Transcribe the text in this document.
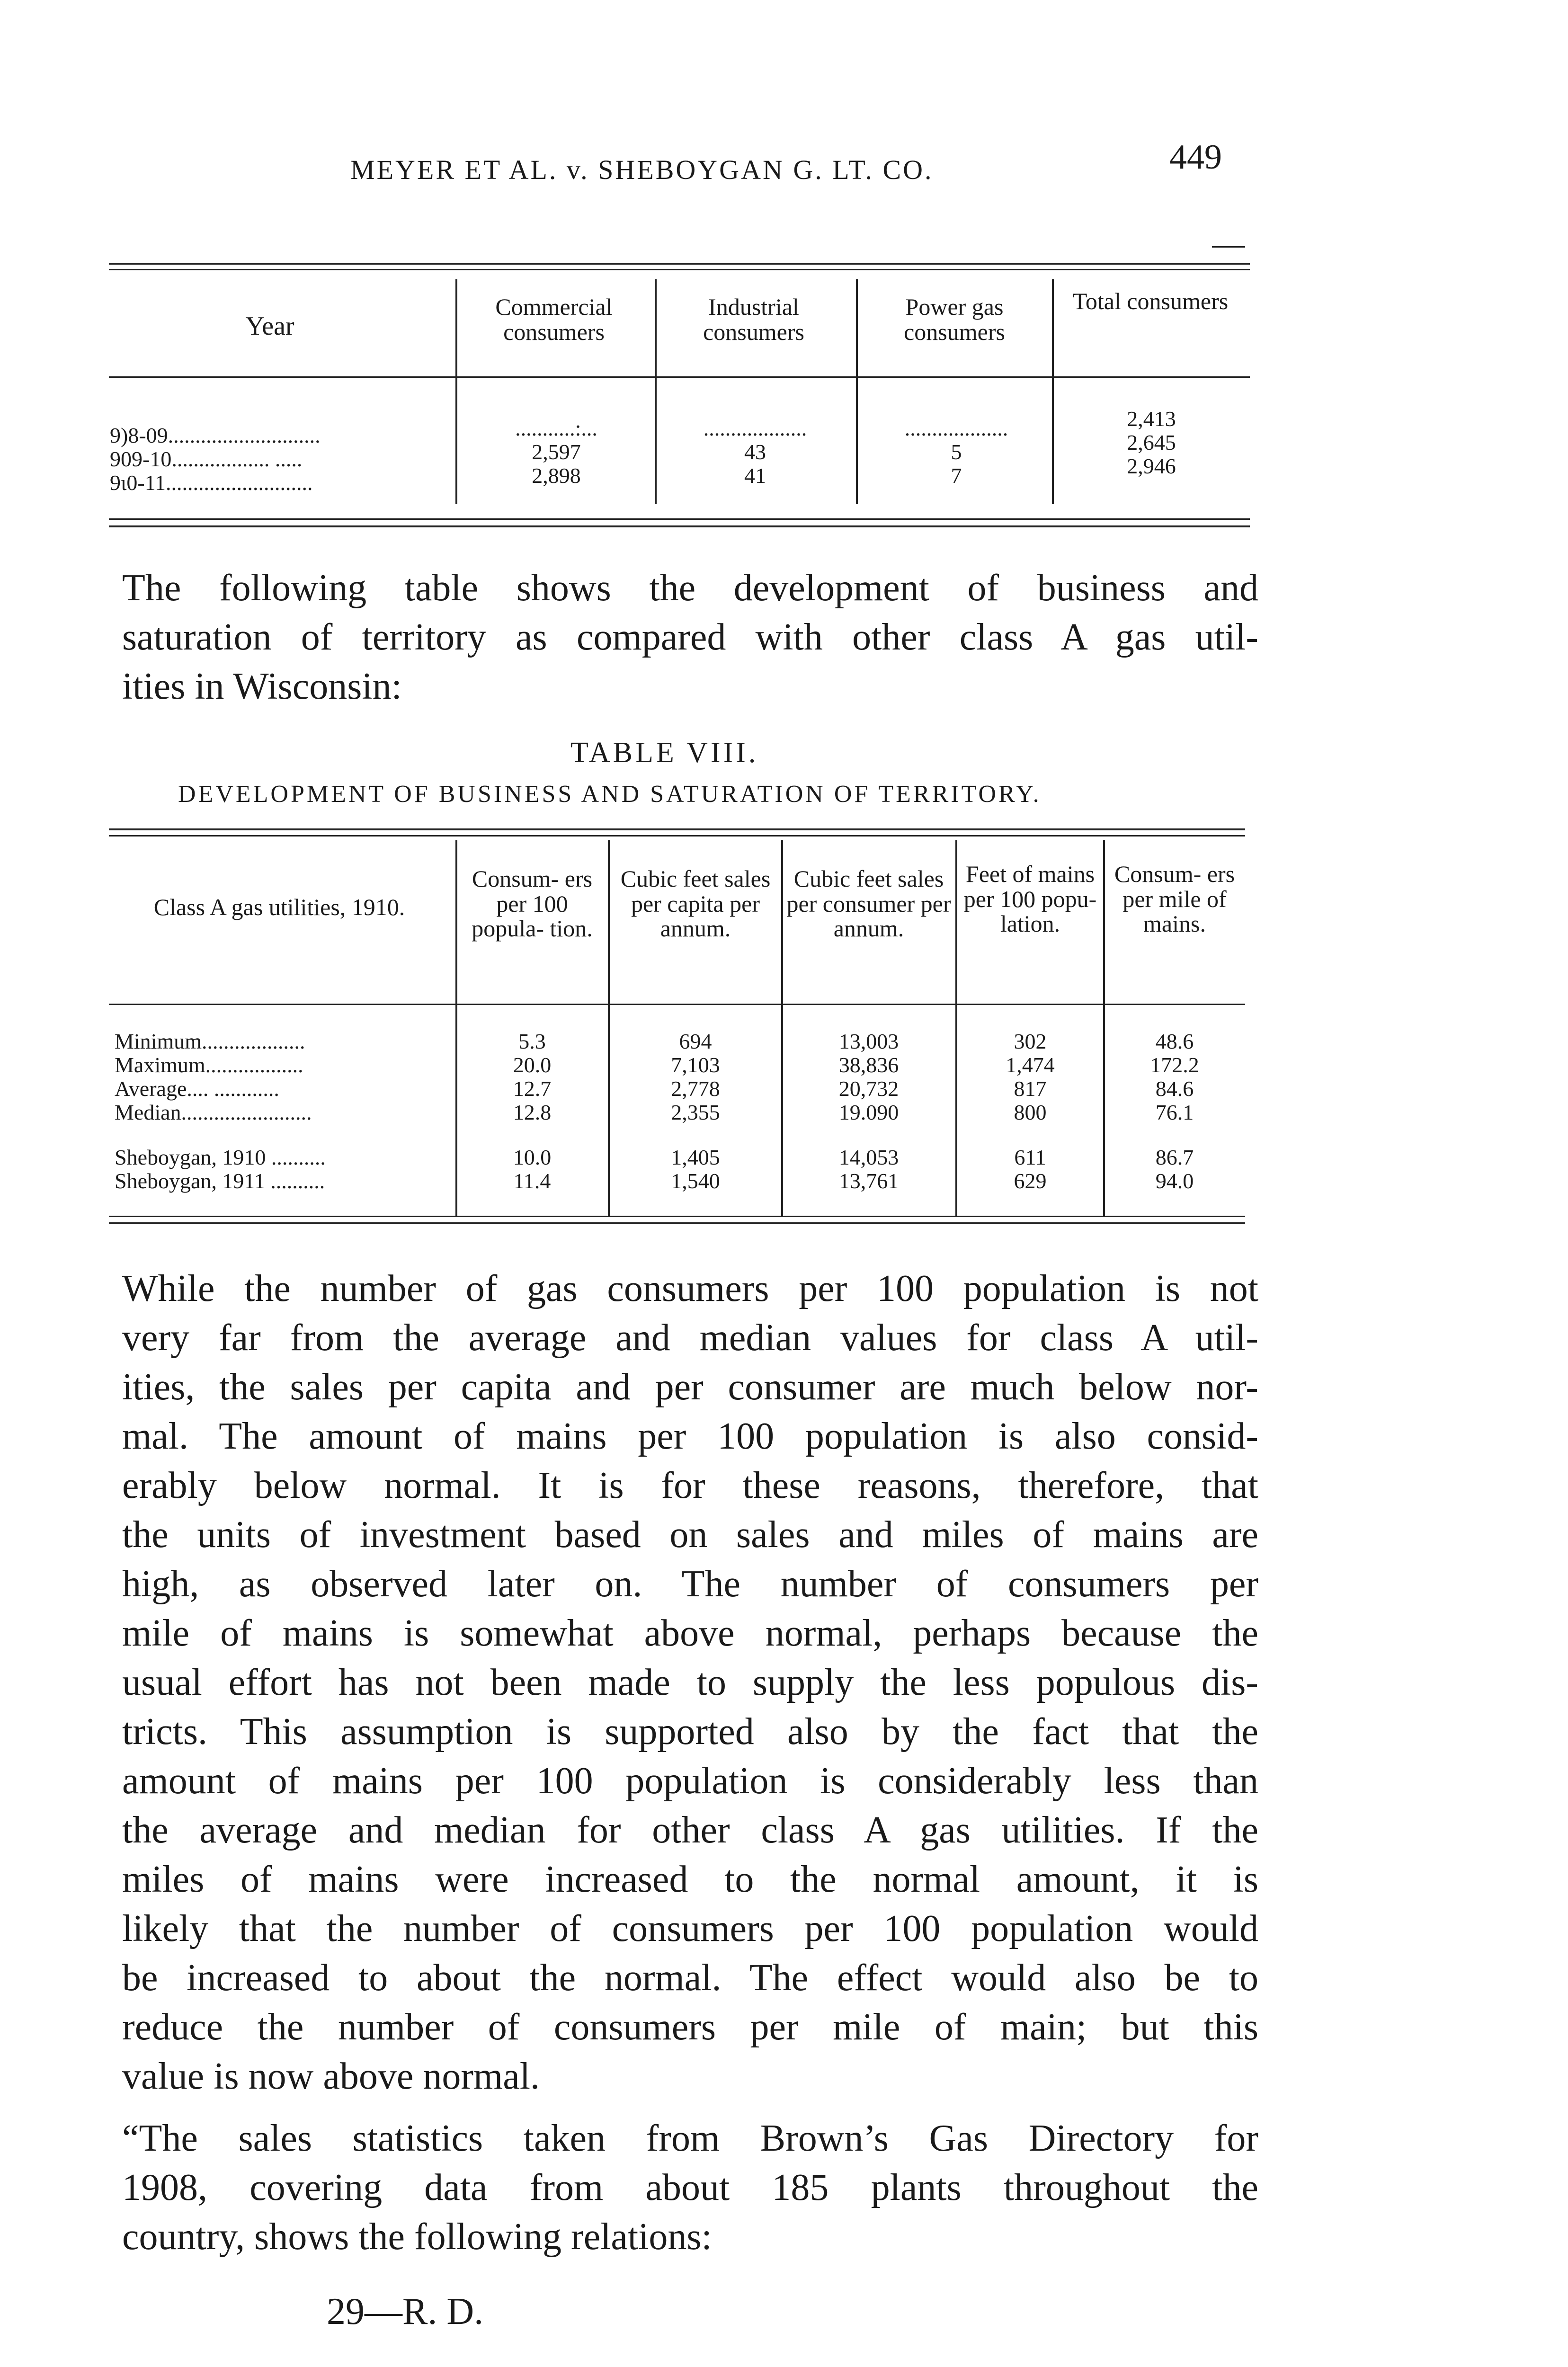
MEYER ET AL. v. SHEBOYGAN G. LT. CO.	449
Year
Commercial consumers
Industrial consumers
Power gas consumers
Total consumers
9)8-09............................
909-10.................. .....
9ι0-11...........................
...........:...
2,597
2,898
...................
43
41
...................
5
7
2,413
2,645
2,946
The following table shows the development of business and
saturation of territory as compared with other class A gas util-
ities in Wisconsin:
TABLE VIII.
DEVELOPMENT OF BUSINESS AND SATURATION OF TERRITORY.
Class A gas utilities, 1910.
Consum- ers per 100 popula- tion.
Cubic feet sales per capita per annum.
Cubic feet sales per consumer per annum.
Feet of mains per 100 popu- lation.
Consum- ers per mile of mains.
Minimum...................
Maximum..................
Average.... ............
Median........................
Sheboygan, 1910 ..........
Sheboygan, 1911 ..........
5.3
20.0
12.7
12.8
10.0
11.4
694
7,103
2,778
2,355
1,405
1,540
13,003
38,836
20,732
19.090
14,053
13,761
302
1,474
817
800
611
629
48.6
172.2
84.6
76.1
86.7
94.0
While the number of gas consumers per 100 population is not
very far from the average and median values for class A util-
ities, the sales per capita and per consumer are much below nor-
mal. The amount of mains per 100 population is also consid-
erably below normal. It is for these reasons, therefore, that
the units of investment based on sales and miles of mains are
high, as observed later on. The number of consumers per
mile of mains is somewhat above normal, perhaps because the
usual effort has not been made to supply the less populous dis-
tricts. This assumption is supported also by the fact that the
amount of mains per 100 population is considerably less than
the average and median for other class A gas utilities. If the
miles of mains were increased to the normal amount, it is
likely that the number of consumers per 100 population would
be increased to about the normal. The effect would also be to
reduce the number of consumers per mile of main; but this
value is now above normal.
“The sales statistics taken from Brown’s Gas Directory for
1908, covering data from about 185 plants throughout the
country, shows the following relations:
29—R. D.
